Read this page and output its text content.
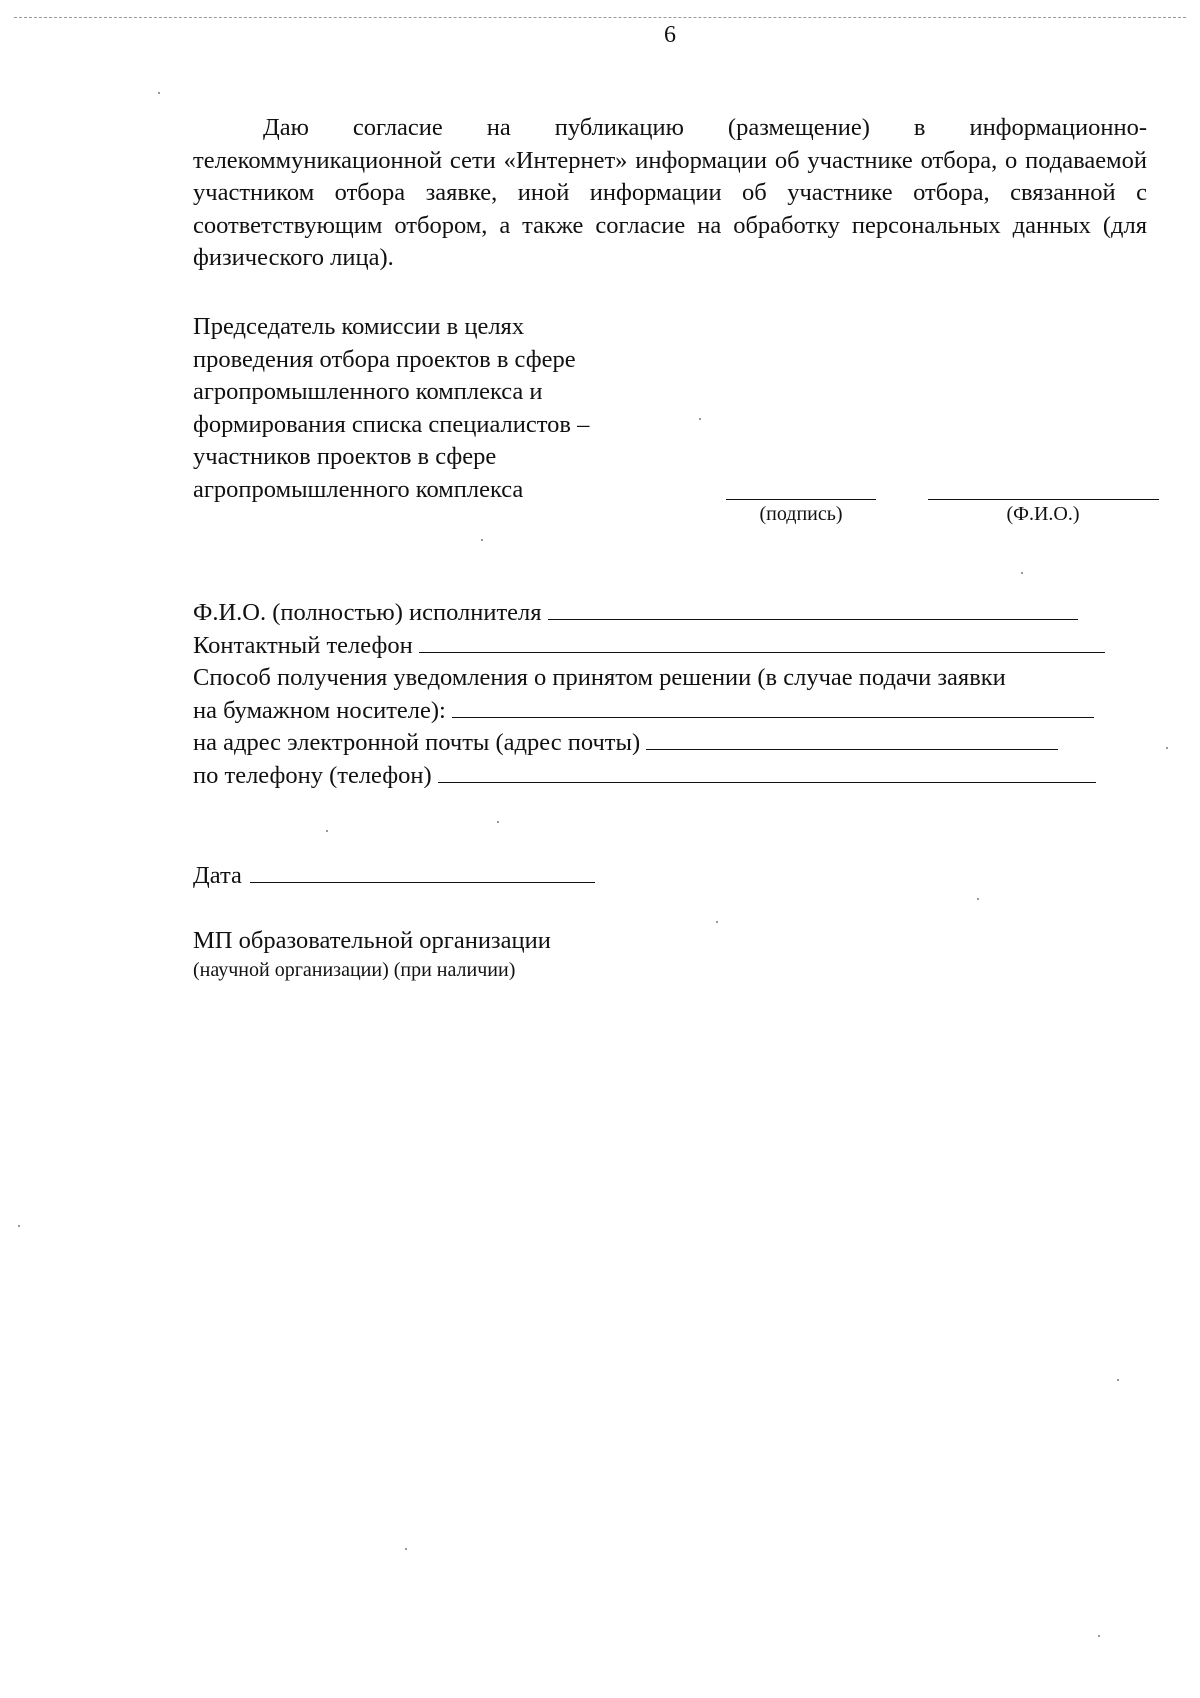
6

Даю согласие на публикацию (размещение) в информационно-телекоммуникационной сети «Интернет» информации об участнике отбора, о подаваемой участником отбора заявке, иной информации об участнике отбора, связанной с соответствующим отбором, а также согласие на обработку персональных данных (для физического лица).

Председатель комиссии в целях
проведения отбора проектов в сфере
агропромышленного комплекса и
формирования списка специалистов –
участников проектов в сфере
агропромышленного комплекса
(подпись)	(Ф.И.О.)
Ф.И.О. (полностью) исполнителя
Контактный телефон
Способ получения уведомления о принятом решении (в случае подачи заявки
на бумажном носителе):
на адрес электронной почты (адрес почты)
по телефону (телефон)
Дата
МП образовательной организации
(научной организации) (при наличии)
